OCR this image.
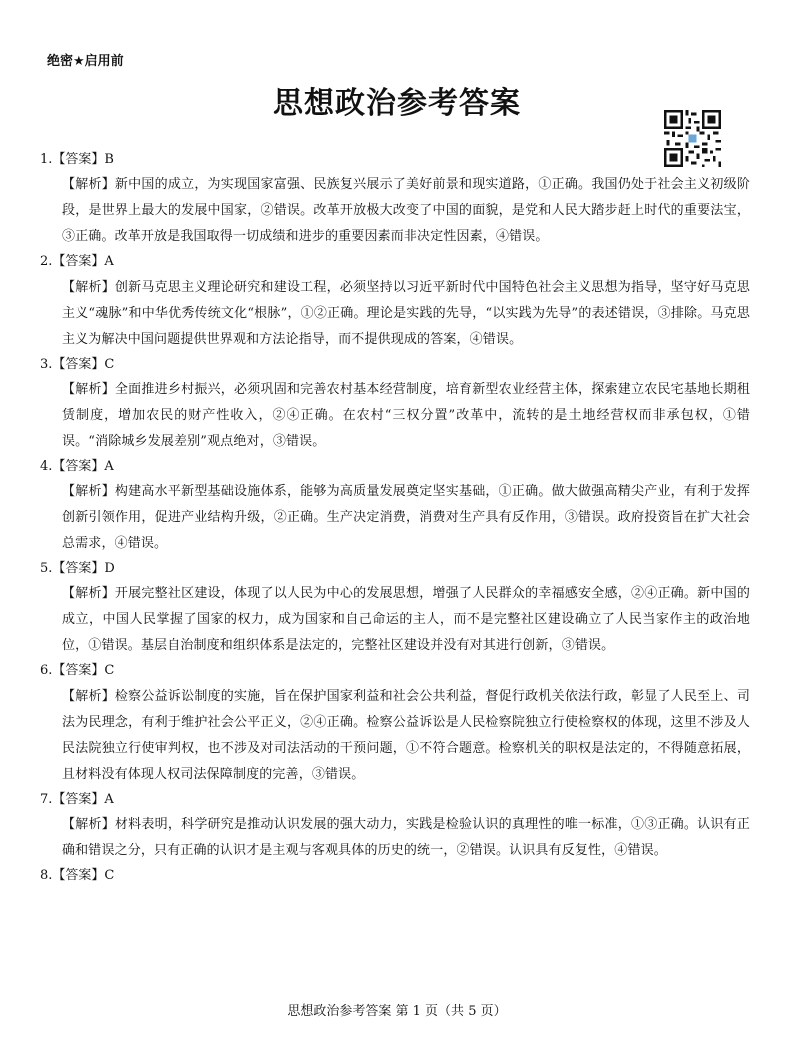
绝密★启用前
思想政治参考答案
1.【答案】B
【解析】新中国的成立，为实现国家富强、民族复兴展示了美好前景和现实道路，①正确。我国仍处于社会主义初级阶段，是世界上最大的发展中国家，②错误。改革开放极大改变了中国的面貌，是党和人民大踏步赶上时代的重要法宝，③正确。改革开放是我国取得一切成绩和进步的重要因素而非决定性因素，④错误。
2.【答案】A
【解析】创新马克思主义理论研究和建设工程，必须坚持以习近平新时代中国特色社会主义思想为指导，坚守好马克思主义“魂脉”和中华优秀传统文化“根脉”，①②正确。理论是实践的先导，“以实践为先导”的表述错误，③排除。马克思主义为解决中国问题提供世界观和方法论指导，而不提供现成的答案，④错误。
3.【答案】C
【解析】全面推进乡村振兴，必须巩固和完善农村基本经营制度，培育新型农业经营主体，探索建立农民宅基地长期租赁制度，增加农民的财产性收入，②④正确。在农村“三权分置”改革中，流转的是土地经营权而非承包权，①错误。“消除城乡发展差别”观点绝对，③错误。
4.【答案】A
【解析】构建高水平新型基础设施体系，能够为高质量发展奠定坚实基础，①正确。做大做强高精尖产业，有利于发挥创新引领作用，促进产业结构升级，②正确。生产决定消费，消费对生产具有反作用，③错误。政府投资旨在扩大社会总需求，④错误。
5.【答案】D
【解析】开展完整社区建设，体现了以人民为中心的发展思想，增强了人民群众的幸福感安全感，②④正确。新中国的成立，中国人民掌握了国家的权力，成为国家和自己命运的主人，而不是完整社区建设确立了人民当家作主的政治地位，①错误。基层自治制度和组织体系是法定的，完整社区建设并没有对其进行创新，③错误。
6.【答案】C
【解析】检察公益诉讼制度的实施，旨在保护国家利益和社会公共利益，督促行政机关依法行政，彰显了人民至上、司法为民理念，有利于维护社会公平正义，②④正确。检察公益诉讼是人民检察院独立行使检察权的体现，这里不涉及人民法院独立行使审判权，也不涉及对司法活动的干预问题，①不符合题意。检察机关的职权是法定的，不得随意拓展，且材料没有体现人权司法保障制度的完善，③错误。
7.【答案】A
【解析】材料表明，科学研究是推动认识发展的强大动力，实践是检验认识的真理性的唯一标准，①③正确。认识有正确和错误之分，只有正确的认识才是主观与客观具体的历史的统一，②错误。认识具有反复性，④错误。
8.【答案】C
思想政治参考答案 第 1 页（共 5 页）
